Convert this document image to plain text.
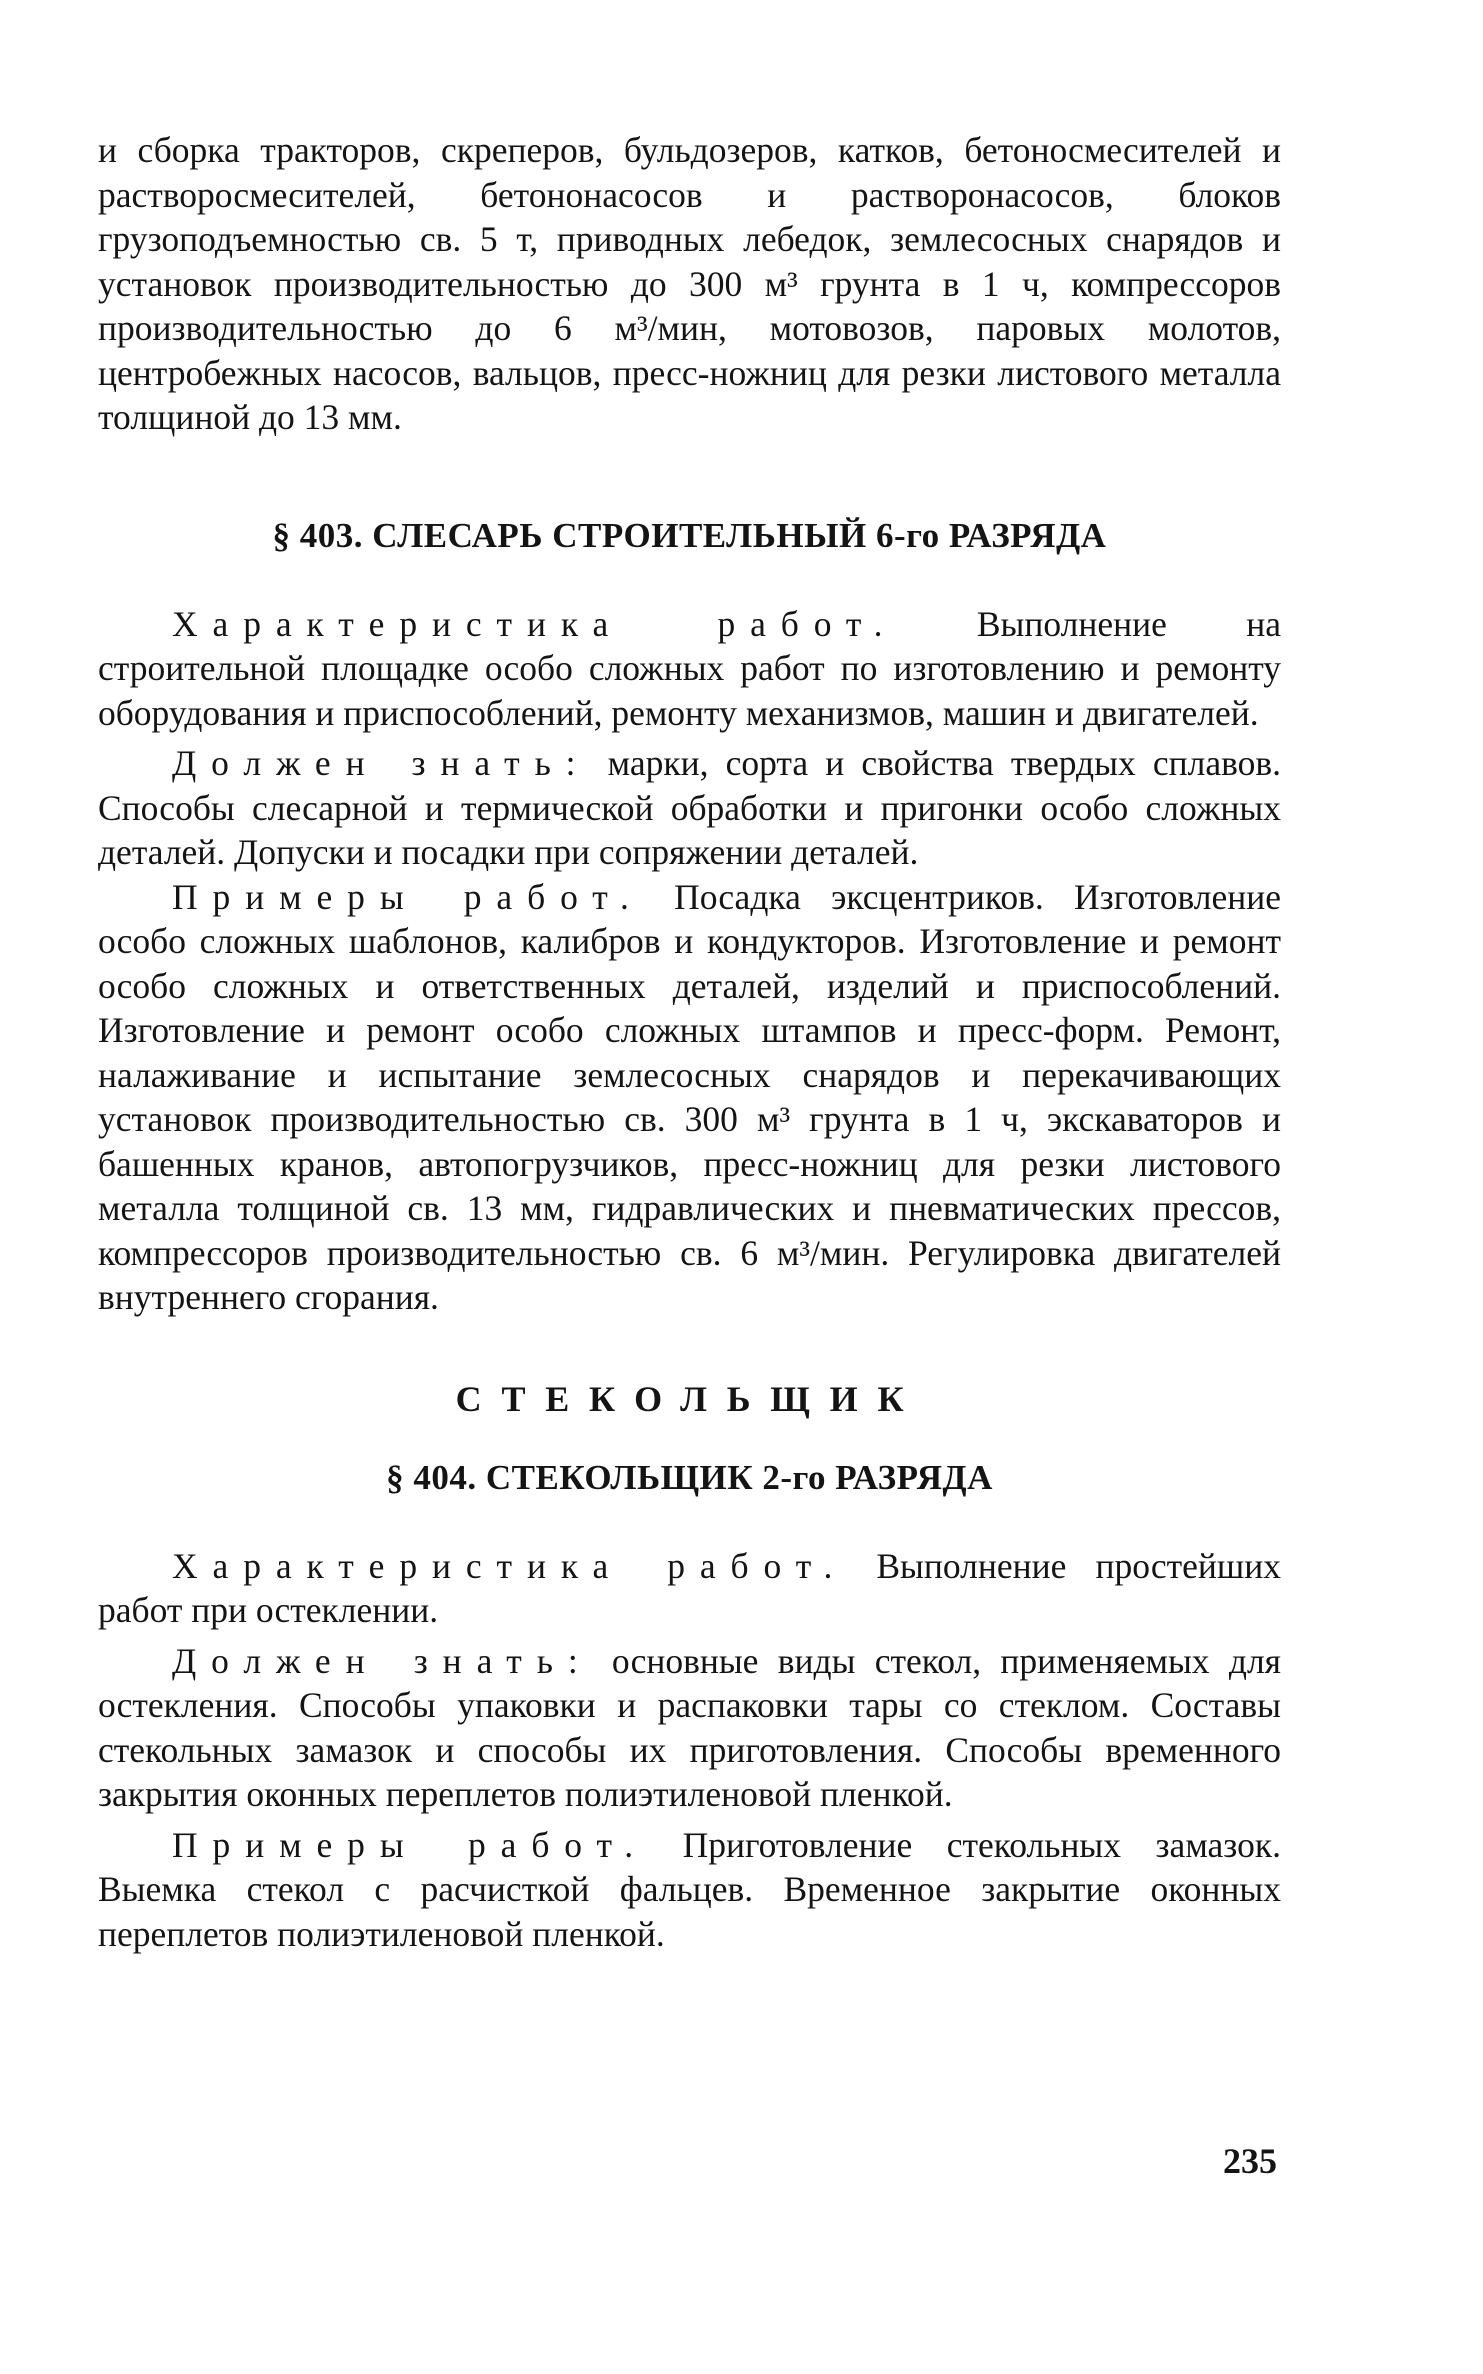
и сборка тракторов, скреперов, бульдозеров, катков, бетоносмесителей и растворосмесителей, бетононасосов и растворонасосов, блоков грузоподъемностью св. 5 т, приводных лебедок, землесосных снарядов и установок производительностью до 300 м³ грунта в 1 ч, компрессоров производительностью до 6 м³/мин, мотовозов, паровых молотов, центробежных насосов, вальцов, пресс-ножниц для резки листового металла толщиной до 13 мм.

§ 403. СЛЕСАРЬ СТРОИТЕЛЬНЫЙ 6-го РАЗРЯДА

Характеристика работ. Выполнение на строительной площадке особо сложных работ по изготовлению и ремонту оборудования и приспособлений, ремонту механизмов, машин и двигателей.

Должен знать: марки, сорта и свойства твердых сплавов. Способы слесарной и термической обработки и пригонки особо сложных деталей. Допуски и посадки при сопряжении деталей.

Примеры работ. Посадка эксцентриков. Изготовление особо сложных шаблонов, калибров и кондукторов. Изготовление и ремонт особо сложных и ответственных деталей, изделий и приспособлений. Изготовление и ремонт особо сложных штампов и пресс-форм. Ремонт, налаживание и испытание землесосных снарядов и перекачивающих установок производительностью св. 300 м³ грунта в 1 ч, экскаваторов и башенных кранов, автопогрузчиков, пресс-ножниц для резки листового металла толщиной св. 13 мм, гидравлических и пневматических прессов, компрессоров производительностью св. 6 м³/мин. Регулировка двигателей внутреннего сгорания.

СТЕКОЛЬЩИК
§ 404. СТЕКОЛЬЩИК 2-го РАЗРЯДА

Характеристика работ. Выполнение простейших работ при остеклении.

Должен знать: основные виды стекол, применяемых для остекления. Способы упаковки и распаковки тары со стеклом. Составы стекольных замазок и способы их приготовления. Способы временного закрытия оконных переплетов полиэтиленовой пленкой.

Примеры работ. Приготовление стекольных замазок. Выемка стекол с расчисткой фальцев. Временное закрытие оконных переплетов полиэтиленовой пленкой.

235
